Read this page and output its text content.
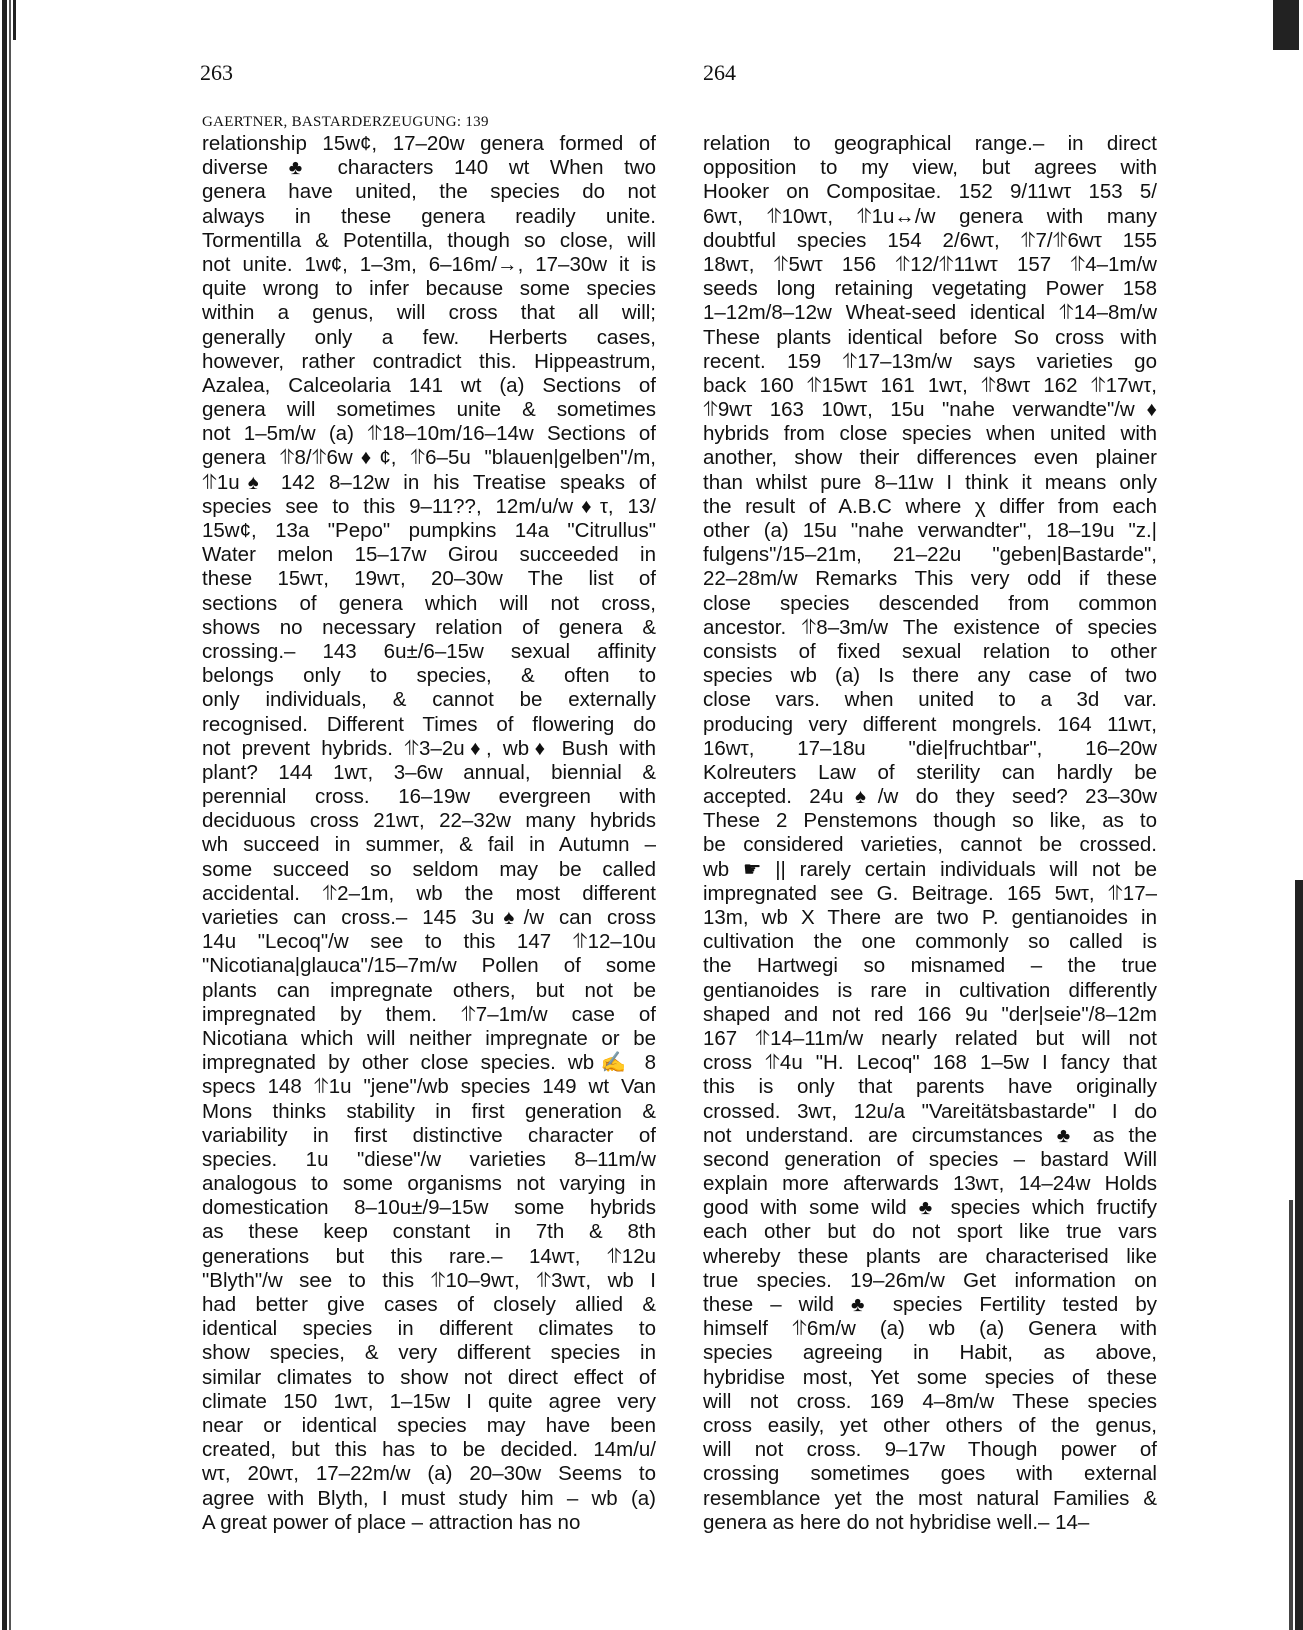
263	264
GAERTNER, BASTARDERZEUGUNG: 139

relationship 15w¢, 17–20w genera formed of

diverse ♣ characters 140 wt When two

genera have united, the species do not

always in these genera readily unite.

Tormentilla & Potentilla, though so close, will

not unite. 1w¢, 1–3m, 6–16m/→, 17–30w it is

quite wrong to infer because some species

within a genus, will cross that all will;

generally only a few. Herberts cases,

however, rather contradict this. Hippeastrum,

Azalea, Calceolaria 141 wt (a) Sections of

genera will sometimes unite & sometimes

not 1–5m/w (a) ⥣18–10m/16–14w Sections of

genera ⥣8/⥣6w♦¢, ⥣6–5u "blauen|gelben"/m,

⥣1u♠ 142 8–12w in his Treatise speaks of

species see to this 9–11??, 12m/u/w♦τ, 13/

15w¢, 13a "Pepo" pumpkins 14a "Citrullus"

Water melon 15–17w Girou succeeded in

these 15wτ, 19wτ, 20–30w The list of

sections of genera which will not cross,

shows no necessary relation of genera &

crossing.– 143 6u±/6–15w sexual affinity

belongs only to species, & often to

only individuals, & cannot be externally

recognised. Different Times of flowering do

not prevent hybrids. ⥣3–2u♦, wb♦ Bush with

plant? 144 1wτ, 3–6w annual, biennial &

perennial cross. 16–19w evergreen with

deciduous cross 21wτ, 22–32w many hybrids

wh succeed in summer, & fail in Autumn –

some succeed so seldom may be called

accidental. ⥣2–1m, wb the most different

varieties can cross.– 145 3u♠/w can cross

14u "Lecoq"/w see to this 147 ⥣12–10u

"Nicotiana|glauca"/15–7m/w Pollen of some

plants can impregnate others, but not be

impregnated by them. ⥣7–1m/w case of

Nicotiana which will neither impregnate or be

impregnated by other close species. wb✍ 8

specs 148 ⥣1u "jene"/wb species 149 wt Van

Mons thinks stability in first generation &

variability in first distinctive character of

species. 1u "diese"/w varieties 8–11m/w

analogous to some organisms not varying in

domestication 8–10u±/9–15w some hybrids

as these keep constant in 7th & 8th

generations but this rare.– 14wτ, ⥣12u

"Blyth"/w see to this ⥣10–9wτ, ⥣3wτ, wb I

had better give cases of closely allied &

identical species in different climates to

show species, & very different species in

similar climates to show not direct effect of

climate 150 1wτ, 1–15w I quite agree very

near or identical species may have been

created, but this has to be decided. 14m/u/

wτ, 20wτ, 17–22m/w (a) 20–30w Seems to

agree with Blyth, I must study him – wb (a)

A great power of place – attraction has no

relation to geographical range.– in direct

opposition to my view, but agrees with

Hooker on Compositae. 152 9/11wτ 153 5/

6wτ, ⥣10wτ, ⥣1u↔/w genera with many

doubtful species 154 2/6wτ, ⥣7/⥣6wτ 155

18wτ, ⥣5wτ 156 ⥣12/⥣11wτ 157 ⥣4–1m/w

seeds long retaining vegetating Power 158

1–12m/8–12w Wheat-seed identical ⥣14–8m/w

These plants identical before So cross with

recent. 159 ⥣17–13m/w says varieties go

back 160 ⥣15wτ 161 1wτ, ⥣8wτ 162 ⥣17wτ,

⥣9wτ 163 10wτ, 15u "nahe verwandte"/w♦

hybrids from close species when united with

another, show their differences even plainer

than whilst pure 8–11w I think it means only

the result of A.B.C where χ differ from each

other (a) 15u "nahe verwandter", 18–19u "z.|

fulgens"/15–21m, 21–22u "geben|Bastarde",

22–28m/w Remarks This very odd if these

close species descended from common

ancestor. ⥣8–3m/w The existence of species

consists of fixed sexual relation to other

species wb (a) Is there any case of two

close vars. when united to a 3d var.

producing very different mongrels. 164 11wτ,

16wτ, 17–18u "die|fruchtbar", 16–20w

Kolreuters Law of sterility can hardly be

accepted. 24u♠/w do they seed? 23–30w

These 2 Penstemons though so like, as to

be considered varieties, cannot be crossed.

wb ☛ || rarely certain individuals will not be

impregnated see G. Beitrage. 165 5wτ, ⥣17–

13m, wb X There are two P. gentianoides in

cultivation the one commonly so called is

the Hartwegi so misnamed – the true

gentianoides is rare in cultivation differently

shaped and not red 166 9u "der|seie"/8–12m

167 ⥣14–11m/w nearly related but will not

cross ⥣4u "H. Lecoq" 168 1–5w I fancy that

this is only that parents have originally

crossed. 3wτ, 12u/a "Vareitätsbastarde" I do

not understand. are circumstances ♣ as the

second generation of species – bastard Will

explain more afterwards 13wτ, 14–24w Holds

good with some wild ♣ species which fructify

each other but do not sport like true vars

whereby these plants are characterised like

true species. 19–26m/w Get information on

these – wild ♣ species Fertility tested by

himself ⥣6m/w (a) wb (a) Genera with

species agreeing in Habit, as above,

hybridise most, Yet some species of these

will not cross. 169 4–8m/w These species

cross easily, yet other others of the genus,

will not cross. 9–17w Though power of

crossing sometimes goes with external

resemblance yet the most natural Families &

genera as here do not hybridise well.– 14–
